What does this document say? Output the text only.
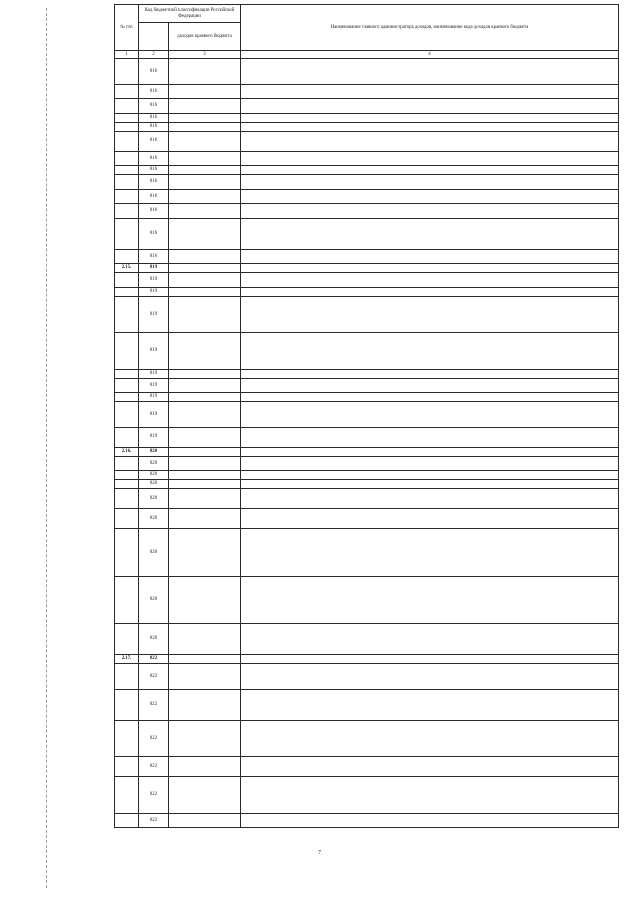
№ п/п	Код бюджетной классификации Российской Федерации		Наименование главного администратора доходов, наименование кода доходов краевого бюджета
		доходов краевого бюджета	
1	2	3	4
	816		
	816		
	816		
	816		
	816		
	816		
	816		
	816		
	816		
	816		
	816		
	816		
	816		
2.15.	819		
	819		
	819		
	819		
	819		
	819		
	819		
	819		
	819		
	819		
2.16.	820		
	820		
	820		
	820		
	820		
	820		
	820		
	820		
	820		
2.17.	822		
	822		
	822		
	822		
	822		
	822		
	822		
7
